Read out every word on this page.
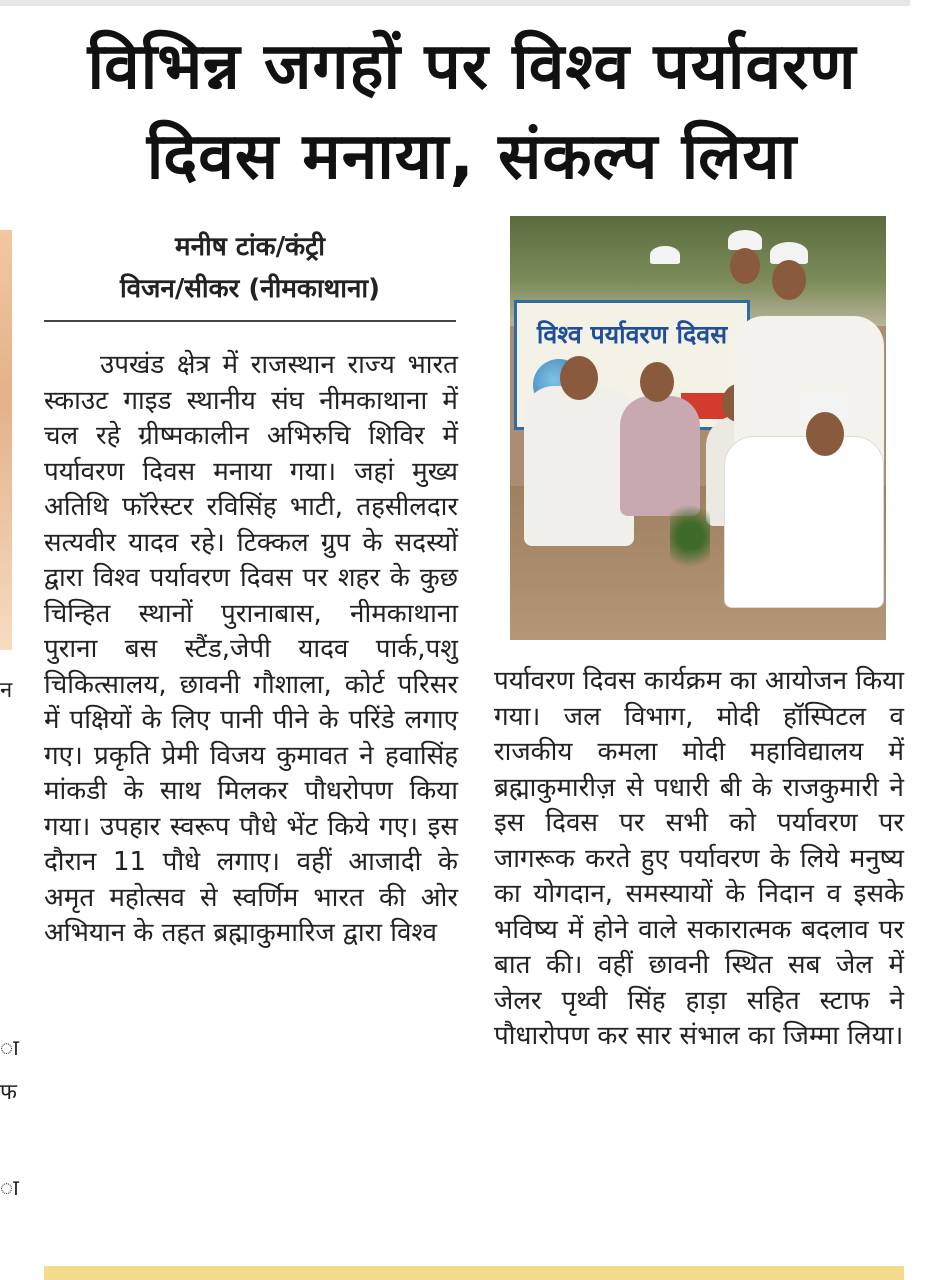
विभिन्न जगहों पर विश्व पर्यावरण
दिवस मनाया, संकल्प लिया
न
ा
फ
ा
मनीष टांक/कंट्री
विजन/सीकर (नीमकाथाना)
उपखंड क्षेत्र में राजस्थान राज्य भारत स्काउट गाइड स्थानीय संघ नीमकाथाना में चल रहे ग्रीष्मकालीन अभिरुचि शिविर में पर्यावरण दिवस मनाया गया। जहां मुख्य अतिथि फॉरेस्टर रविसिंह भाटी, तहसीलदार सत्यवीर यादव रहे। टिक्कल ग्रुप के सदस्यों द्वारा विश्व पर्यावरण दिवस पर शहर के कुछ चिन्हित स्थानों पुरानाबास, नीमकाथाना पुराना बस स्टैंड,जेपी यादव पार्क,पशु चिकित्सालय, छावनी गौशाला, कोर्ट परिसर में पक्षियों के लिए पानी पीने के परिंडे लगाए गए। प्रकृति प्रेमी विजय कुमावत ने हवासिंह मांकडी के साथ मिलकर पौधरोपण किया गया। उपहार स्वरूप पौधे भेंट किये गए। इस दौरान 11 पौधे लगाए। वहीं आजादी के अमृत महोत्सव से स्वर्णिम भारत की ओर अभियान के तहत ब्रह्माकुमारिज द्वारा विश्व
विश्व पर्यावरण दिवस
पर्यावरण दिवस कार्यक्रम का आयोजन किया गया। जल विभाग, मोदी हॉस्पिटल व राजकीय कमला मोदी महाविद्यालय में ब्रह्माकुमारीज़ से पधारी बी के राजकुमारी ने इस दिवस पर सभी को पर्यावरण पर जागरूक करते हुए पर्यावरण के लिये मनुष्य का योगदान, समस्यायों के निदान व इसके भविष्य में होने वाले सकारात्मक बदलाव पर बात की। वहीं छावनी स्थित सब जेल में जेलर पृथ्वी सिंह हाड़ा सहित स्टाफ ने पौधारोपण कर सार संभाल का जिम्मा लिया।
